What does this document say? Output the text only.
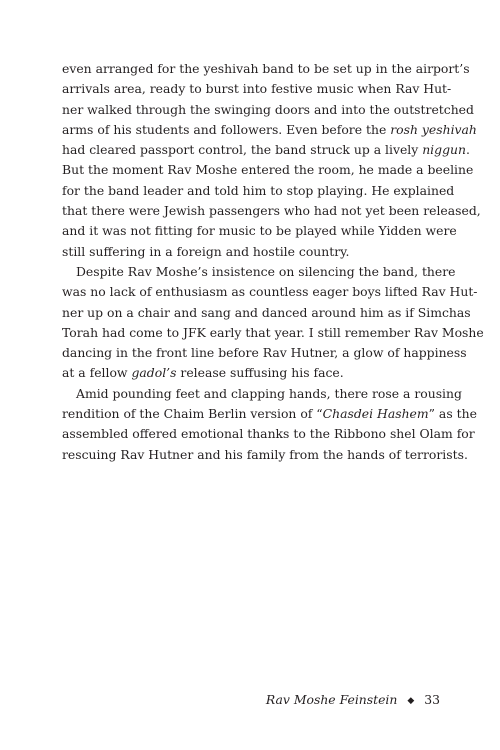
even arranged for the yeshivah band to be set up in the airport’s
arrivals area, ready to burst into festive music when Rav Hut-
ner walked through the swinging doors and into the outstretched
arms of his students and followers. Even before the rosh yeshivah
had cleared passport control, the band struck up a lively niggun.
But the moment Rav Moshe entered the room, he made a beeline
for the band leader and told him to stop playing. He explained
that there were Jewish passengers who had not yet been released,
and it was not fitting for music to be played while Yidden were
still suffering in a foreign and hostile country.
Despite Rav Moshe’s insistence on silencing the band, there
was no lack of enthusiasm as countless eager boys lifted Rav Hut-
ner up on a chair and sang and danced around him as if Simchas
Torah had come to JFK early that year. I still remember Rav Moshe
dancing in the front line before Rav Hutner, a glow of happiness
at a fellow gadol’s release suffusing his face.
Amid pounding feet and clapping hands, there rose a rousing
rendition of the Chaim Berlin version of “Chasdei Hashem” as the
assembled offered emotional thanks to the Ribbono shel Olam for
rescuing Rav Hutner and his family from the hands of terrorists.
Rav Moshe Feinstein ◆ 33
